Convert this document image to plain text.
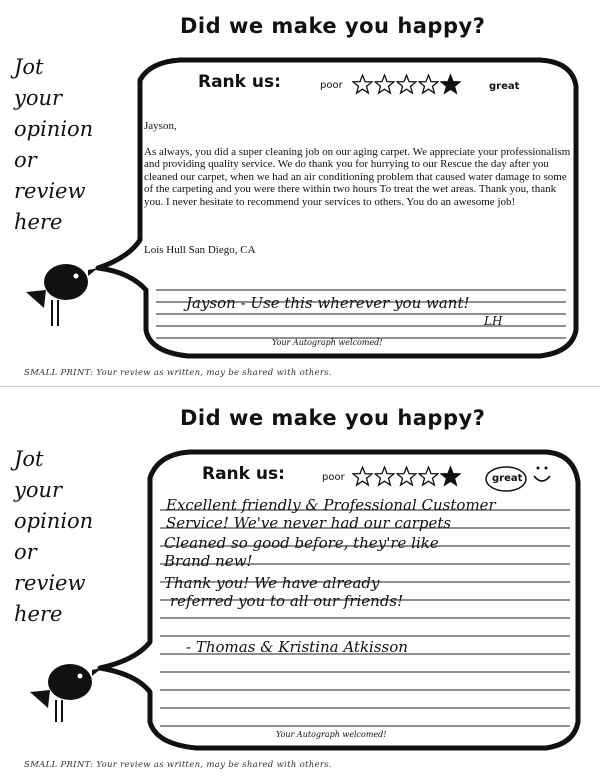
Did we make you happy?
Jot
your
opinion
or
review
here
Rank us:	poor	great
Jayson,
As always, you did a super cleaning job on our aging carpet. We appreciate your professionalism and providing quality service. We do thank you for hurrying to our Rescue the day after you cleaned our carpet, when we had an air conditioning problem that caused water damage to some of the carpeting and you were there within two hours To treat the wet areas. Thank you, thank you. I never hesitate to recommend your services to others. You do an awesome job!
Lois Hull San Diego, CA
Jayson - Use this wherever you want!
LH
Your Autograph welcomed!
SMALL PRINT: Your review as written, may be shared with others.
Did we make you happy?
Jot
your
opinion
or
review
here
Rank us:	poor	great
Excellent friendly & Professional Customer
Service! We've never had our carpets
Cleaned so good before, they're like
Brand new!
Thank you! We have already
referred you to all our friends!
- Thomas & Kristina Atkisson
Your Autograph welcomed!
SMALL PRINT: Your review as written, may be shared with others.
